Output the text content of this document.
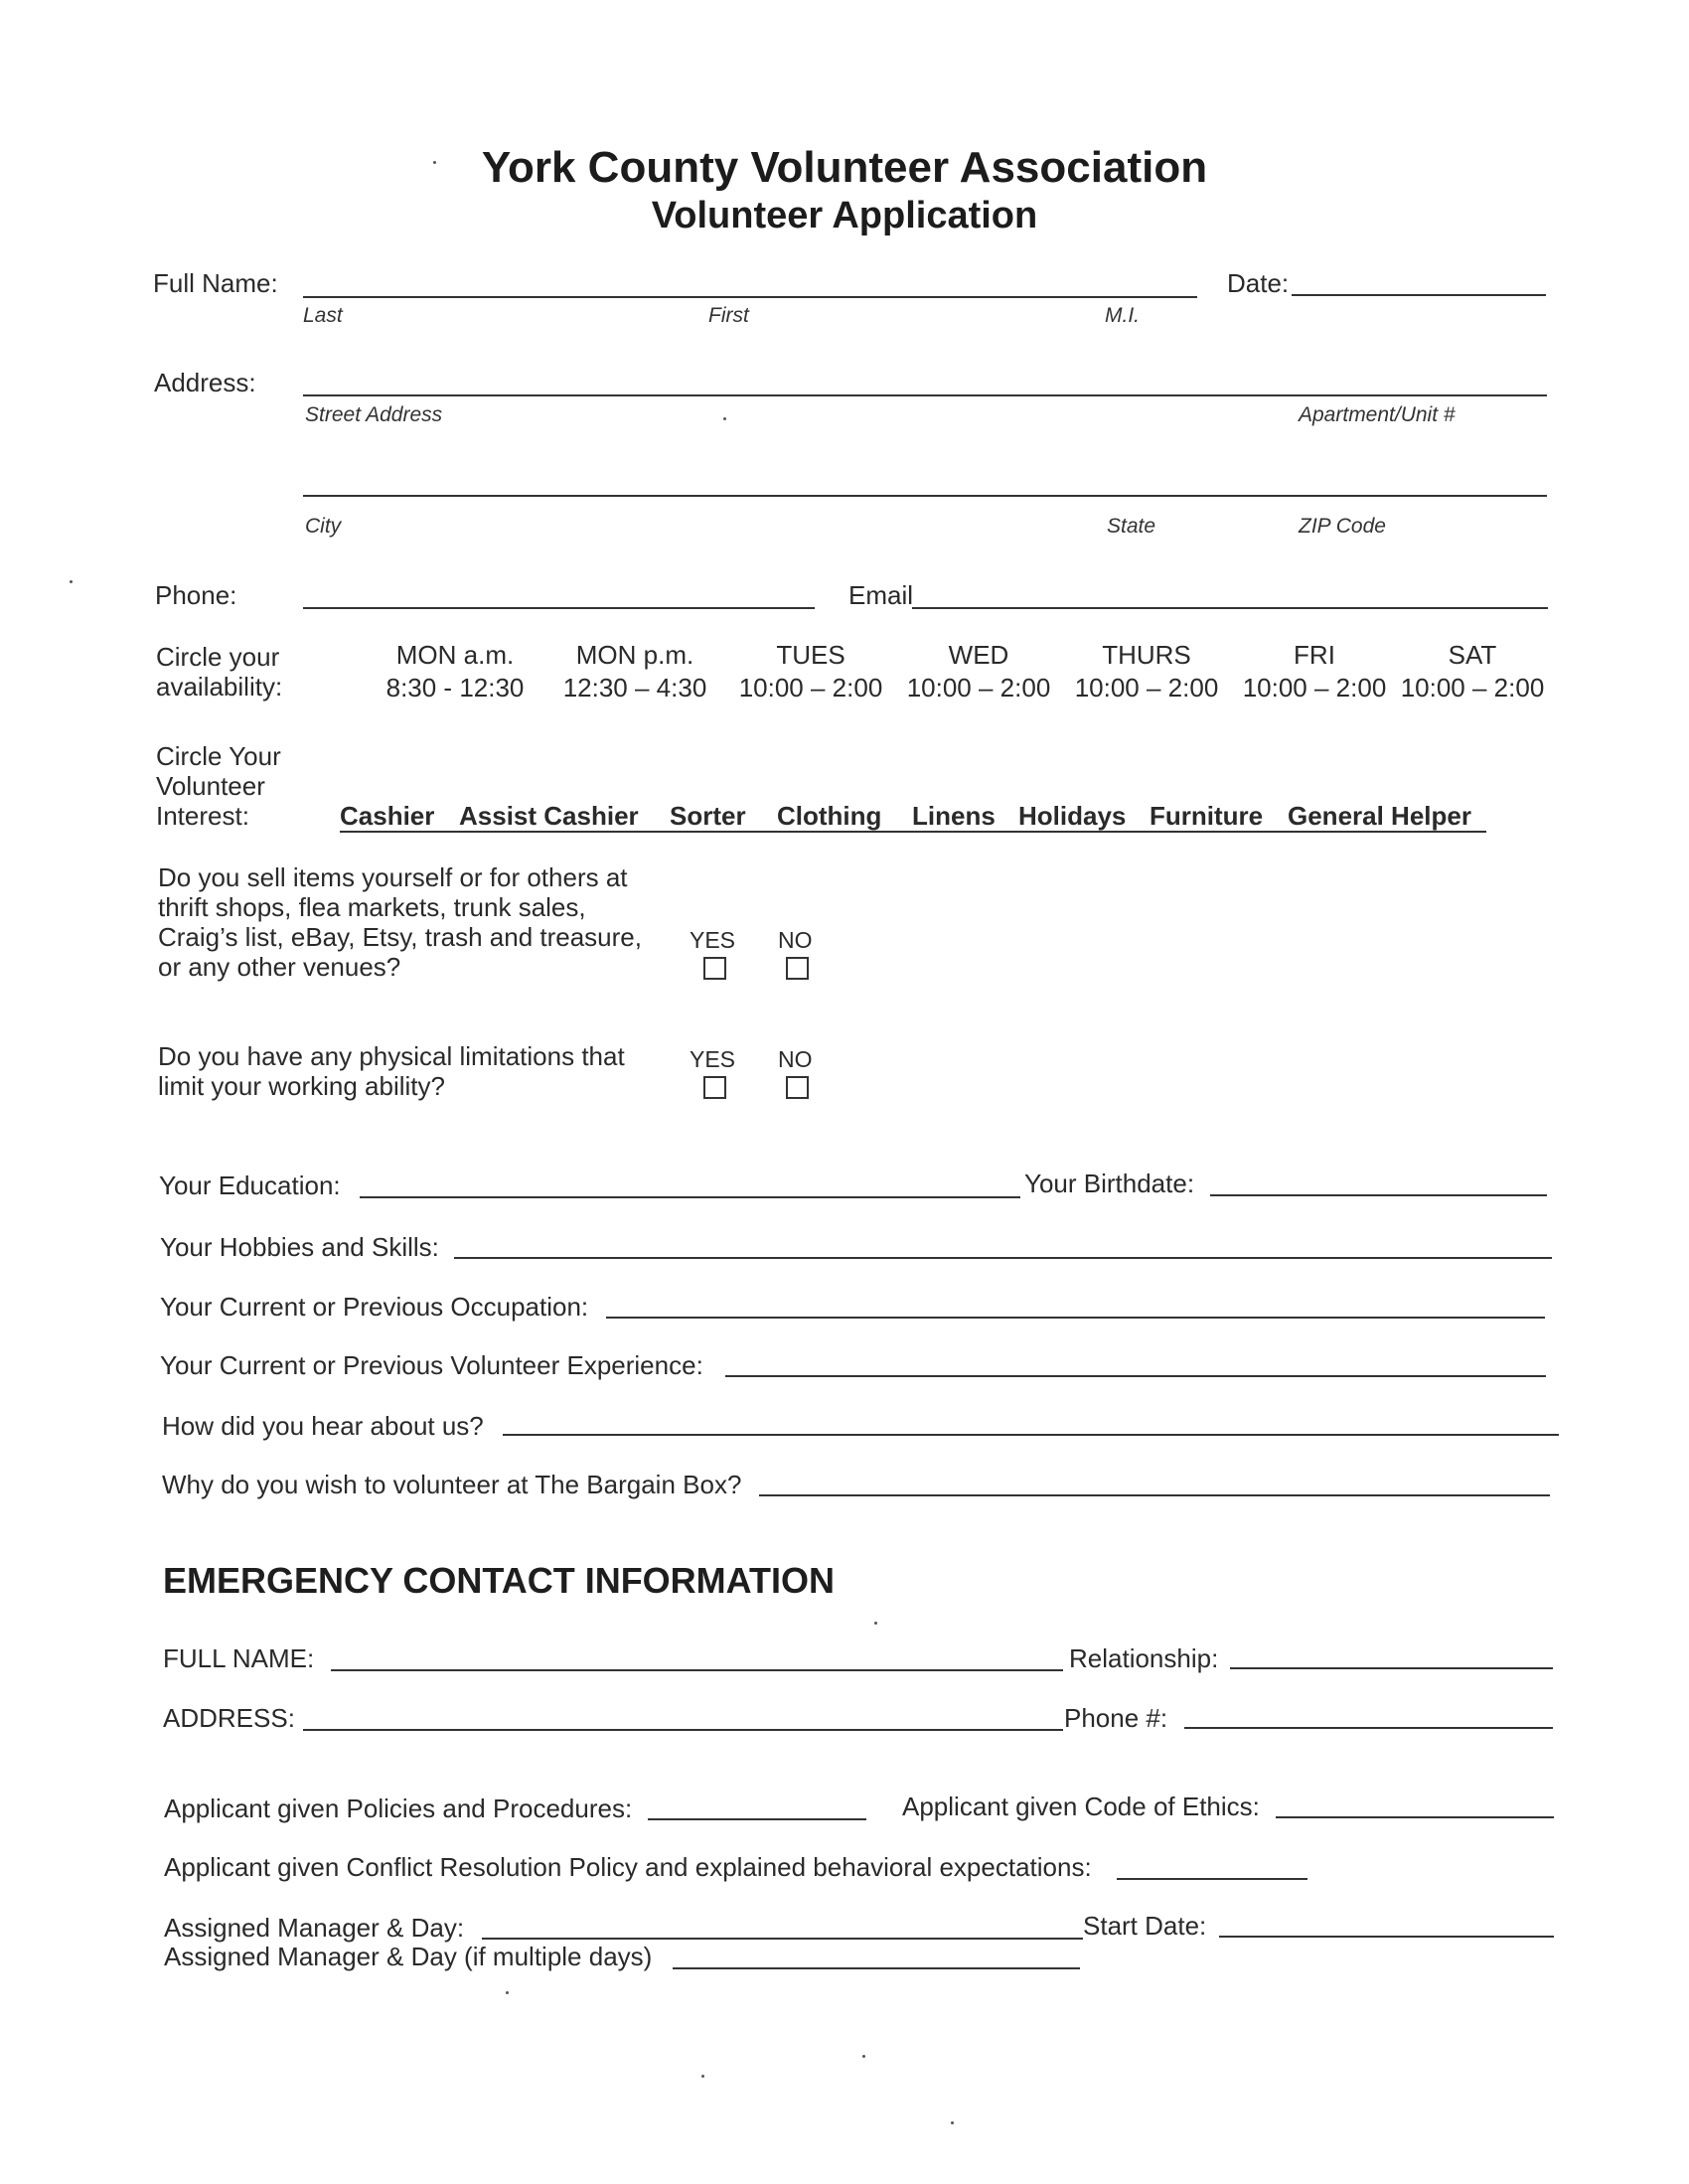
York County Volunteer Association
Volunteer Application
Full Name:	Date:
Last	First	M.I.
Address:
Street Address	Apartment/Unit #
City	State	ZIP Code
Phone:	Email
Circle your
availability:
MON a.m.
8:30 - 12:30
MON p.m.
12:30 – 4:30
TUES
10:00 – 2:00
WED
10:00 – 2:00
THURS
10:00 – 2:00
FRI
10:00 – 2:00
SAT
10:00 – 2:00
Circle Your
Volunteer
Interest:	Cashier Assist Cashier Sorter Clothing Linens Holidays Furniture General Helper
Do you sell items yourself or for others at
thrift shops, flea markets, trunk sales,
Craig’s list, eBay, Etsy, trash and treasure,
or any other venues?
YES NO
Do you have any physical limitations that
limit your working ability?
YES NO
Your Education:	Your Birthdate:
Your Hobbies and Skills:
Your Current or Previous Occupation:
Your Current or Previous Volunteer Experience:
How did you hear about us?
Why do you wish to volunteer at The Bargain Box?
EMERGENCY CONTACT INFORMATION
FULL NAME:	Relationship:
ADDRESS:	Phone #:
Applicant given Policies and Procedures:	Applicant given Code of Ethics:
Applicant given Conflict Resolution Policy and explained behavioral expectations:
Assigned Manager & Day:	Start Date:
Assigned Manager & Day (if multiple days)
